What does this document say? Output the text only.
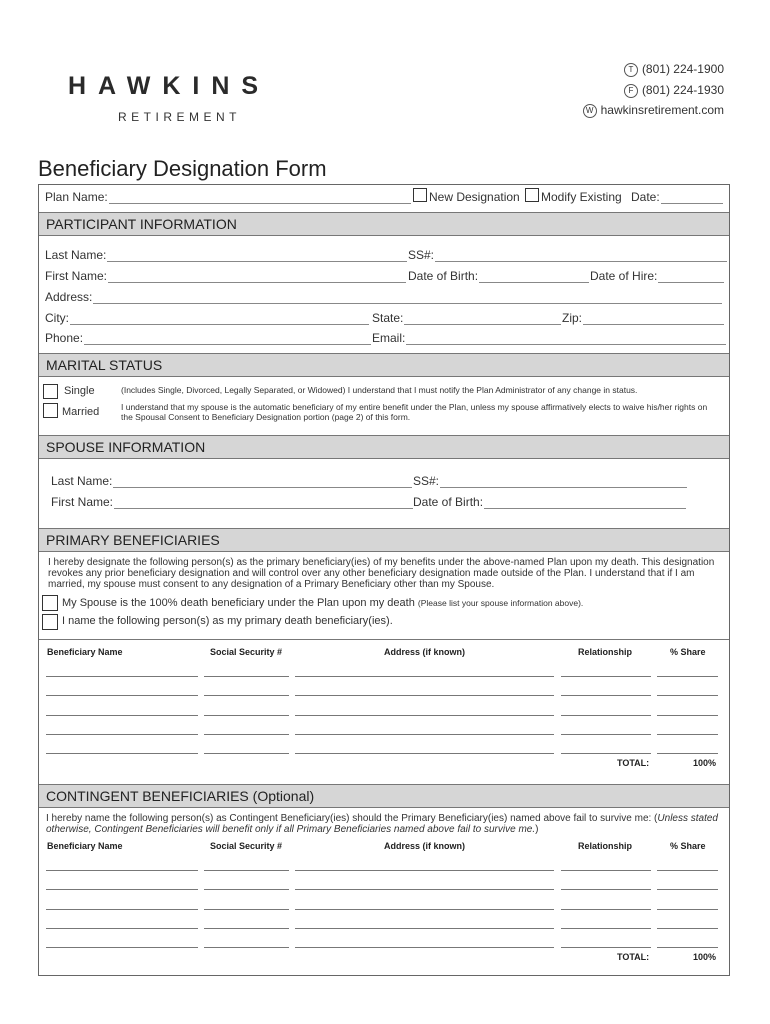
HAWKINS
RETIREMENT
T (801) 224-1900
F (801) 224-1930
W hawkinsretirement.com
Beneficiary Designation Form
Plan Name:	New Designation Modify Existing Date:
PARTICIPANT INFORMATION
Last Name:	SS#:
First Name:	Date of Birth:	Date of Hire:
Address:
City:	State:	Zip:
Phone:	Email:
MARITAL STATUS
Single	(Includes Single, Divorced, Legally Separated, or Widowed) I understand that I must notify the Plan Administrator of any change in status.
Married	I understand that my spouse is the automatic beneficiary of my entire benefit under the Plan, unless my spouse affirmatively elects to waive his/her rights on the Spousal Consent to Beneficiary Designation portion (page 2) of this form.
SPOUSE INFORMATION
Last Name:	SS#:
First Name:	Date of Birth:
PRIMARY BENEFICIARIES
I hereby designate the following person(s) as the primary beneficiary(ies) of my benefits under the above-named Plan upon my death. This designation revokes any prior beneficiary designation and will control over any other beneficiary designation made outside of the Plan. I understand that if I am married, my spouse must consent to any designation of a Primary Beneficiary other than my Spouse.
My Spouse is the 100% death beneficiary under the Plan upon my death (Please list your spouse information above).
I name the following person(s) as my primary death beneficiary(ies).
Beneficiary Name	Social Security #	Address (if known)	Relationship	% Share
TOTAL:	100%
CONTINGENT BENEFICIARIES (Optional)
I hereby name the following person(s) as Contingent Beneficiary(ies) should the Primary Beneficiary(ies) named above fail to survive me: (Unless stated otherwise, Contingent Beneficiaries will benefit only if all Primary Beneficiaries named above fail to survive me.)
Beneficiary Name	Social Security #	Address (if known)	Relationship	% Share
TOTAL:	100%
